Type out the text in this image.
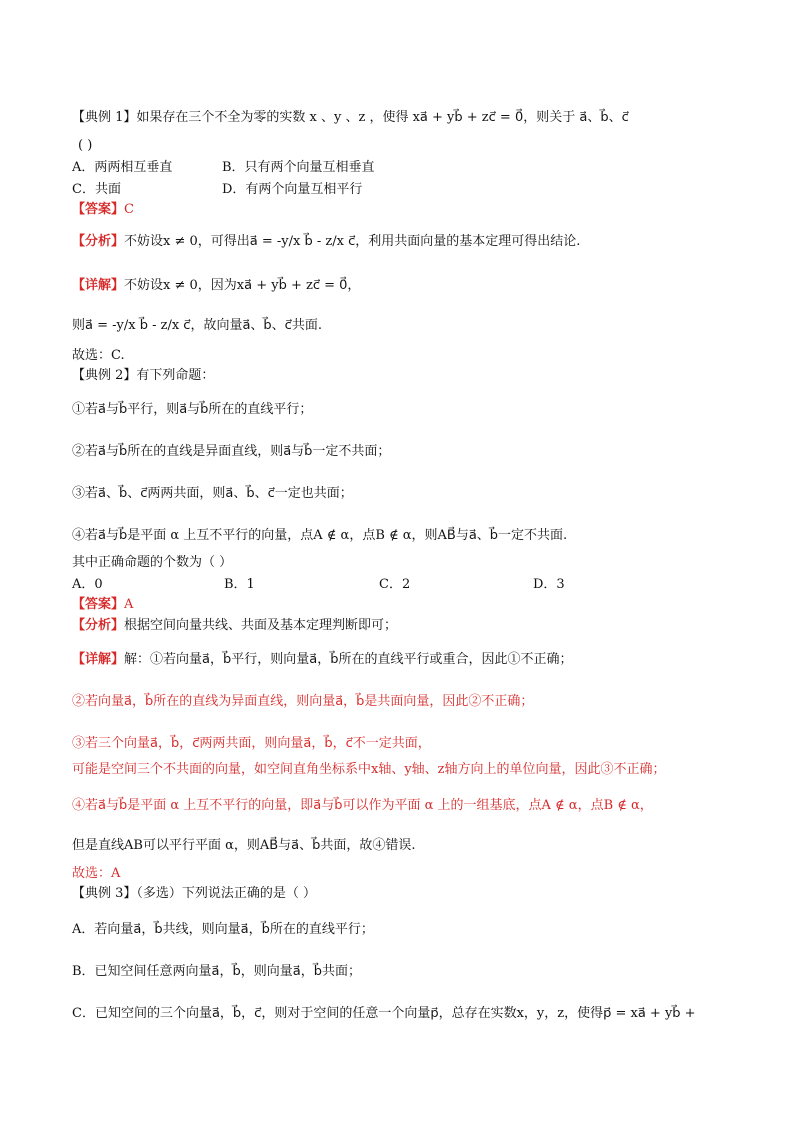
【典例 1】如果存在三个不全为零的实数 x 、y 、z ，使得 xa⃗ + yb⃗ + zc⃗ = 0⃗，则关于 a⃗、b⃗、c⃗
( )
A．两两相互垂直	B．只有两个向量互相垂直
C．共面	D．有两个向量互相平行
【答案】C
【分析】不妨设x ≠ 0，可得出a⃗ = -y/x b⃗ - z/x c⃗，利用共面向量的基本定理可得出结论.
【详解】不妨设x ≠ 0，因为xa⃗ + yb⃗ + zc⃗ = 0⃗，
则a⃗ = -y/x b⃗ - z/x c⃗，故向量a⃗、b⃗、c⃗共面.
故选：C.
【典例 2】有下列命题：
①若a⃗与b⃗平行，则a⃗与b⃗所在的直线平行；
②若a⃗与b⃗所在的直线是异面直线，则a⃗与b⃗一定不共面；
③若a⃗、b⃗、c⃗两两共面，则a⃗、b⃗、c⃗一定也共面；
④若a⃗与b⃗是平面 α 上互不平行的向量，点A ∉ α，点B ∉ α，则AB⃗与a⃗、b⃗一定不共面.
其中正确命题的个数为（ ）
A．0	B．1	C．2	D．3
【答案】A
【分析】根据空间向量共线、共面及基本定理判断即可；
【详解】解：①若向量a⃗，b⃗平行，则向量a⃗，b⃗所在的直线平行或重合，因此①不正确；
②若向量a⃗，b⃗所在的直线为异面直线，则向量a⃗，b⃗是共面向量，因此②不正确；
③若三个向量a⃗，b⃗，c⃗两两共面，则向量a⃗，b⃗，c⃗不一定共面，
可能是空间三个不共面的向量，如空间直角坐标系中x轴、y轴、z轴方向上的单位向量，因此③不正确；
④若a⃗与b⃗是平面 α 上互不平行的向量，即a⃗与b⃗可以作为平面 α 上的一组基底，点A ∉ α，点B ∉ α，
但是直线AB可以平行平面 α，则AB⃗与a⃗、b⃗共面，故④错误.
故选：A
【典例 3】（多选）下列说法正确的是（ ）
A．若向量a⃗，b⃗共线，则向量a⃗，b⃗所在的直线平行；
B．已知空间任意两向量a⃗，b⃗，则向量a⃗，b⃗共面；
C．已知空间的三个向量a⃗，b⃗，c⃗，则对于空间的任意一个向量p⃗，总存在实数x，y，z，使得p⃗ = xa⃗ + yb⃗ +
